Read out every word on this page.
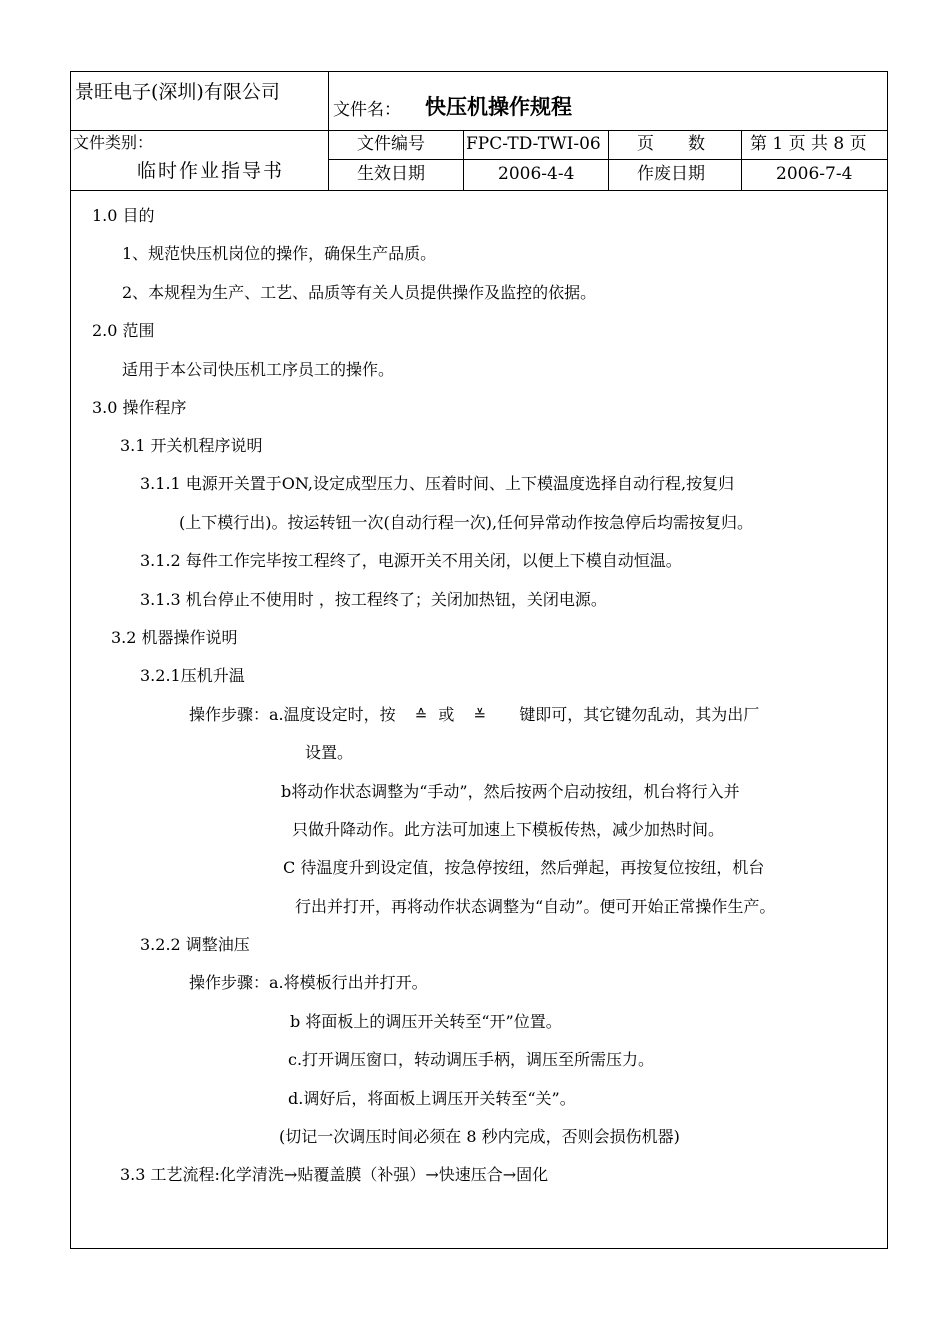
景旺电子(深圳)有限公司
文件名： 快压机操作规程
文件类别：
临时作业指导书
文件编号 FPC-TD-TWI-06 页　　数	第 1 页 共 8 页
生效日期	2006-4-4	作废日期	2006-7-4
1.0 目的
1、规范快压机岗位的操作，确保生产品质。
2、本规程为生产、工艺、品质等有关人员提供操作及监控的依据。
2.0 范围
适用于本公司快压机工序员工的操作。
3.0 操作程序
3.1 开关机程序说明
3.1.1 电源开关置于ON,设定成型压力、压着时间、上下模温度选择自动行程,按复归
(上下模行出)。按运转钮一次(自动行程一次),任何异常动作按急停后均需按复归。
3.1.2 每件工作完毕按工程终了，电源开关不用关闭，以便上下模自动恒温。
3.1.3 机台停止不使用时 ，按工程终了；关闭加热钮，关闭电源。
3.2 机器操作说明
3.2.1压机升温
操作步骤：a.温度设定时，按 ≙ 或 ≚ 键即可，其它键勿乱动，其为出厂
设置。
b将动作状态调整为“手动”，然后按两个启动按纽，机台将行入并
只做升降动作。此方法可加速上下模板传热，减少加热时间。
C 待温度升到设定值，按急停按纽，然后弹起，再按复位按纽，机台
行出并打开，再将动作状态调整为“自动”。便可开始正常操作生产。
3.2.2 调整油压
操作步骤：a.将模板行出并打开。
b 将面板上的调压开关转至“开”位置。
c.打开调压窗口，转动调压手柄，调压至所需压力。
d.调好后，将面板上调压开关转至“关”。
(切记一次调压时间必须在 8 秒内完成，否则会损伤机器)
3.3 工艺流程:化学清洗→贴覆盖膜（补强）→快速压合→固化
